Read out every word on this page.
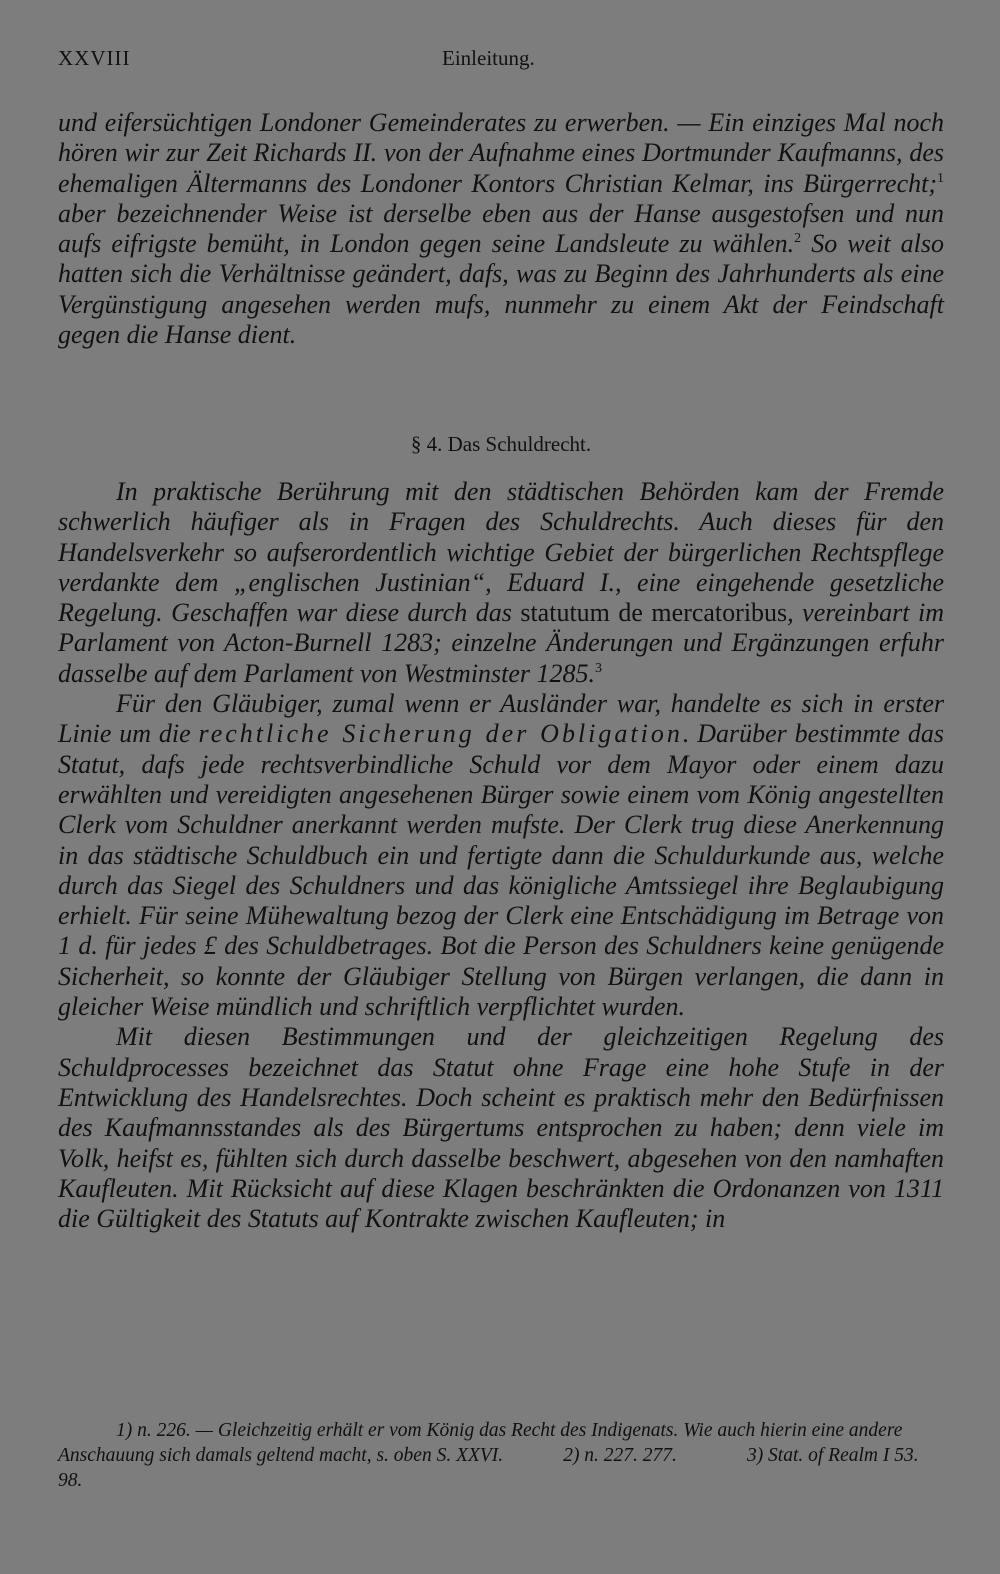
XXVIII	Einleitung.

und eifersüchtigen Londoner Gemeinderates zu erwerben. — Ein einziges Mal noch hören wir zur Zeit Richards II. von der Aufnahme eines Dortmunder Kaufmanns, des ehemaligen Ältermanns des Londoner Kontors Christian Kelmar, ins Bürgerrecht;$^1$ aber bezeichnender Weise ist derselbe eben aus der Hanse ausgestofsen und nun aufs eifrigste bemüht, in London gegen seine Landsleute zu wählen.$^2$ So weit also hatten sich die Verhältnisse geändert, dafs, was zu Beginn des Jahrhunderts als eine Vergünstigung angesehen werden mufs, nunmehr zu einem Akt der Feindschaft gegen die Hanse dient.

§ 4. Das Schuldrecht.

In praktische Berührung mit den städtischen Behörden kam der Fremde schwerlich häufiger als in Fragen des Schuldrechts. Auch dieses für den Handelsverkehr so aufserordentlich wichtige Gebiet der bürgerlichen Rechtspflege verdankte dem „englischen Justinian“, Eduard I., eine eingehende gesetzliche Regelung. Geschaffen war diese durch das statutum de mercatoribus, vereinbart im Parlament von Acton-Burnell 1283; einzelne Änderungen und Ergänzungen erfuhr dasselbe auf dem Parlament von Westminster 1285.$^3$

Für den Gläubiger, zumal wenn er Ausländer war, handelte es sich in erster Linie um die rechtliche Sicherung der Obligation. Darüber bestimmte das Statut, dafs jede rechtsverbindliche Schuld vor dem Mayor oder einem dazu erwählten und vereidigten angesehenen Bürger sowie einem vom König angestellten Clerk vom Schuldner anerkannt werden mufste. Der Clerk trug diese Anerkennung in das städtische Schuldbuch ein und fertigte dann die Schuldurkunde aus, welche durch das Siegel des Schuldners und das königliche Amtssiegel ihre Beglaubigung erhielt. Für seine Mühewaltung bezog der Clerk eine Entschädigung im Betrage von 1 d. für jedes £ des Schuldbetrages. Bot die Person des Schuldners keine genügende Sicherheit, so konnte der Gläubiger Stellung von Bürgen verlangen, die dann in gleicher Weise mündlich und schriftlich verpflichtet wurden.

Mit diesen Bestimmungen und der gleichzeitigen Regelung des Schuldprocesses bezeichnet das Statut ohne Frage eine hohe Stufe in der Entwicklung des Handelsrechtes. Doch scheint es praktisch mehr den Bedürfnissen des Kaufmannsstandes als des Bürgertums entsprochen zu haben; denn viele im Volk, heifst es, fühlten sich durch dasselbe beschwert, abgesehen von den namhaften Kaufleuten. Mit Rücksicht auf diese Klagen beschränkten die Ordonanzen von 1311 die Gültigkeit des Statuts auf Kontrakte zwischen Kaufleuten; in

1) n. 226. — Gleichzeitig erhält er vom König das Recht des Indigenats. Wie auch hierin eine andere Anschauung sich damals geltend macht, s. oben S. XXVI.	2) n. 227. 277.	3) Stat. of Realm I 53. 98.
